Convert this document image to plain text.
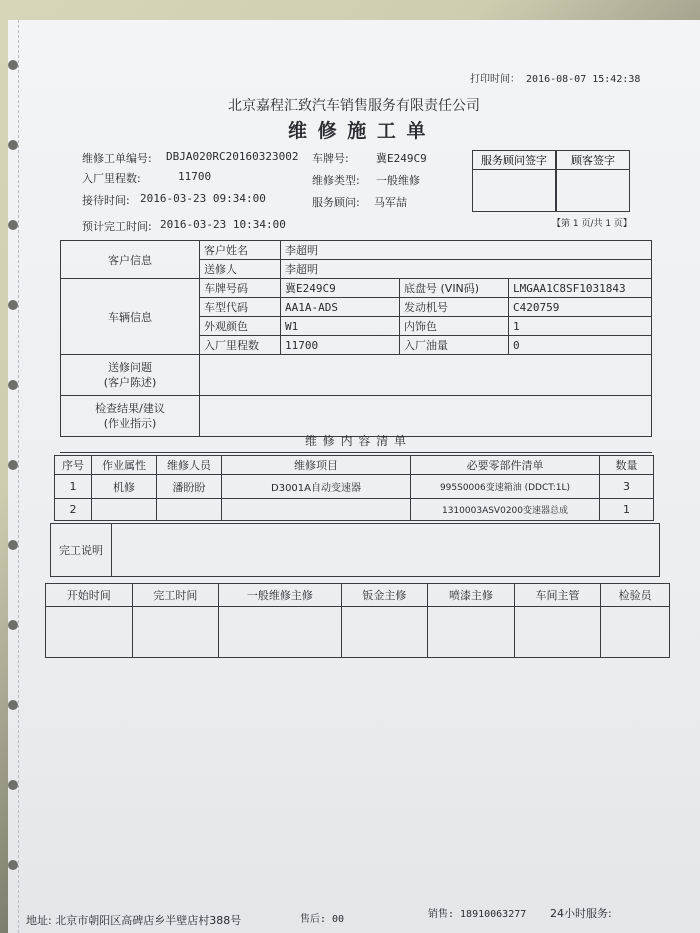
打印时间： 2016-08-07 15:42:38
北京嘉程汇致汽车销售服务有限责任公司
维 修 施 工 单
维修工单编号: DBJA020RC20160323002 车牌号: 冀E249C9
入厂里程数:	11700	维修类型: 一般维修
接待时间: 2016-03-23 09:34:00	服务顾问: 马军喆
预计完工时间: 2016-03-23 10:34:00
服务顾问签字	顾客签字
【第 1 页/共 1 页】
客户信息	客户姓名	李超明		
	送修人	李超明		
车辆信息	车牌号码	冀E249C9	底盘号 (VIN码)	LMGAA1C8SF1031843
	车型代码	AA1A-ADS	发动机号	C420759
	外观颜色	W1	内饰色	1
	入厂里程数	11700	入厂油量	0
送修问题
(客户陈述)				
检查结果/建议
(作业指示)				
维 修 内 容 清 单
序号	作业属性	维修人员	维修项目	必要零部件清单	数量
1	机修	潘盼盼	D3001A自动变速器	995S0006变速箱油 (DDCT:1L)	3
2				1310003ASV0200变速器总成	1
完工说明	
开始时间	完工时间	一般维修主修	钣金主修	喷漆主修	车间主管	检验员

地址: 北京市朝阳区高碑店乡半壁店村388号	售后: 00	销售: 18910063277 24小时服务:
